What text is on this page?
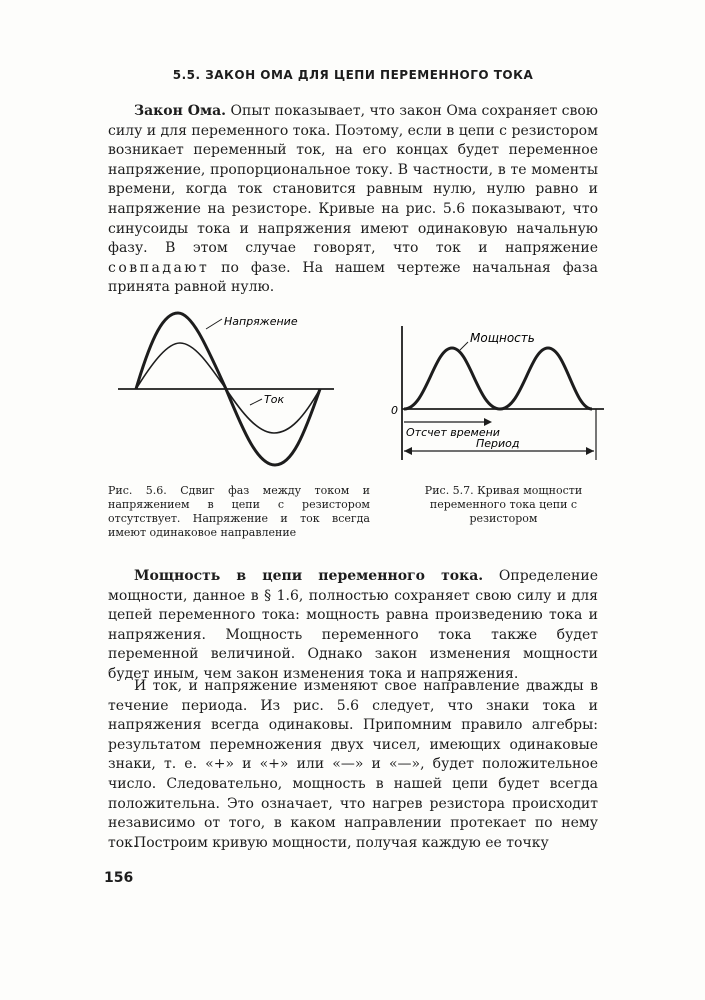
5.5. ЗАКОН ОМА ДЛЯ ЦЕПИ ПЕРЕМЕННОГО ТОКА

Закон Ома. Опыт показывает, что закон Ома сохраняет свою силу и для переменного тока. Поэтому, если в цепи с резистором возникает переменный ток, на его концах будет переменное напряжение, пропорциональное току. В частности, в те моменты времени, когда ток становится равным нулю, нулю равно и напряжение на резисторе. Кривые на рис. 5.6 показывают, что синусоиды тока и напряжения имеют одинаковую начальную фазу. В этом случае говорят, что ток и напряжение совпадают по фазе. На нашем чертеже начальная фаза принята равной нулю.

Напряжение
Ток
Мощность
0
Отсчет времени
Период
Рис. 5.6. Сдвиг фаз между током и напряжением в цепи с резистором отсутствует. Напряжение и ток всегда имеют одинаковое направление
Рис. 5.7. Кривая мощности переменного тока цепи с резистором

Мощность в цепи переменного тока. Определение мощности, данное в § 1.6, полностью сохраняет свою силу и для цепей переменного тока: мощность равна произведению тока и напряжения. Мощность переменного тока также будет переменной величиной. Однако закон изменения мощности будет иным, чем закон изменения тока и напряжения.

И ток, и напряжение изменяют свое направление дважды в течение периода. Из рис. 5.6 следует, что знаки тока и напряжения всегда одинаковы. Припомним правило алгебры: результатом перемножения двух чисел, имеющих одинаковые знаки, т. е. «+» и «+» или «—» и «—», будет положительное число. Следовательно, мощность в нашей цепи будет всегда положительна. Это означает, что нагрев резистора происходит независимо от того, в каком направлении протекает по нему ток.

Построим кривую мощности, получая каждую ее точку

156
